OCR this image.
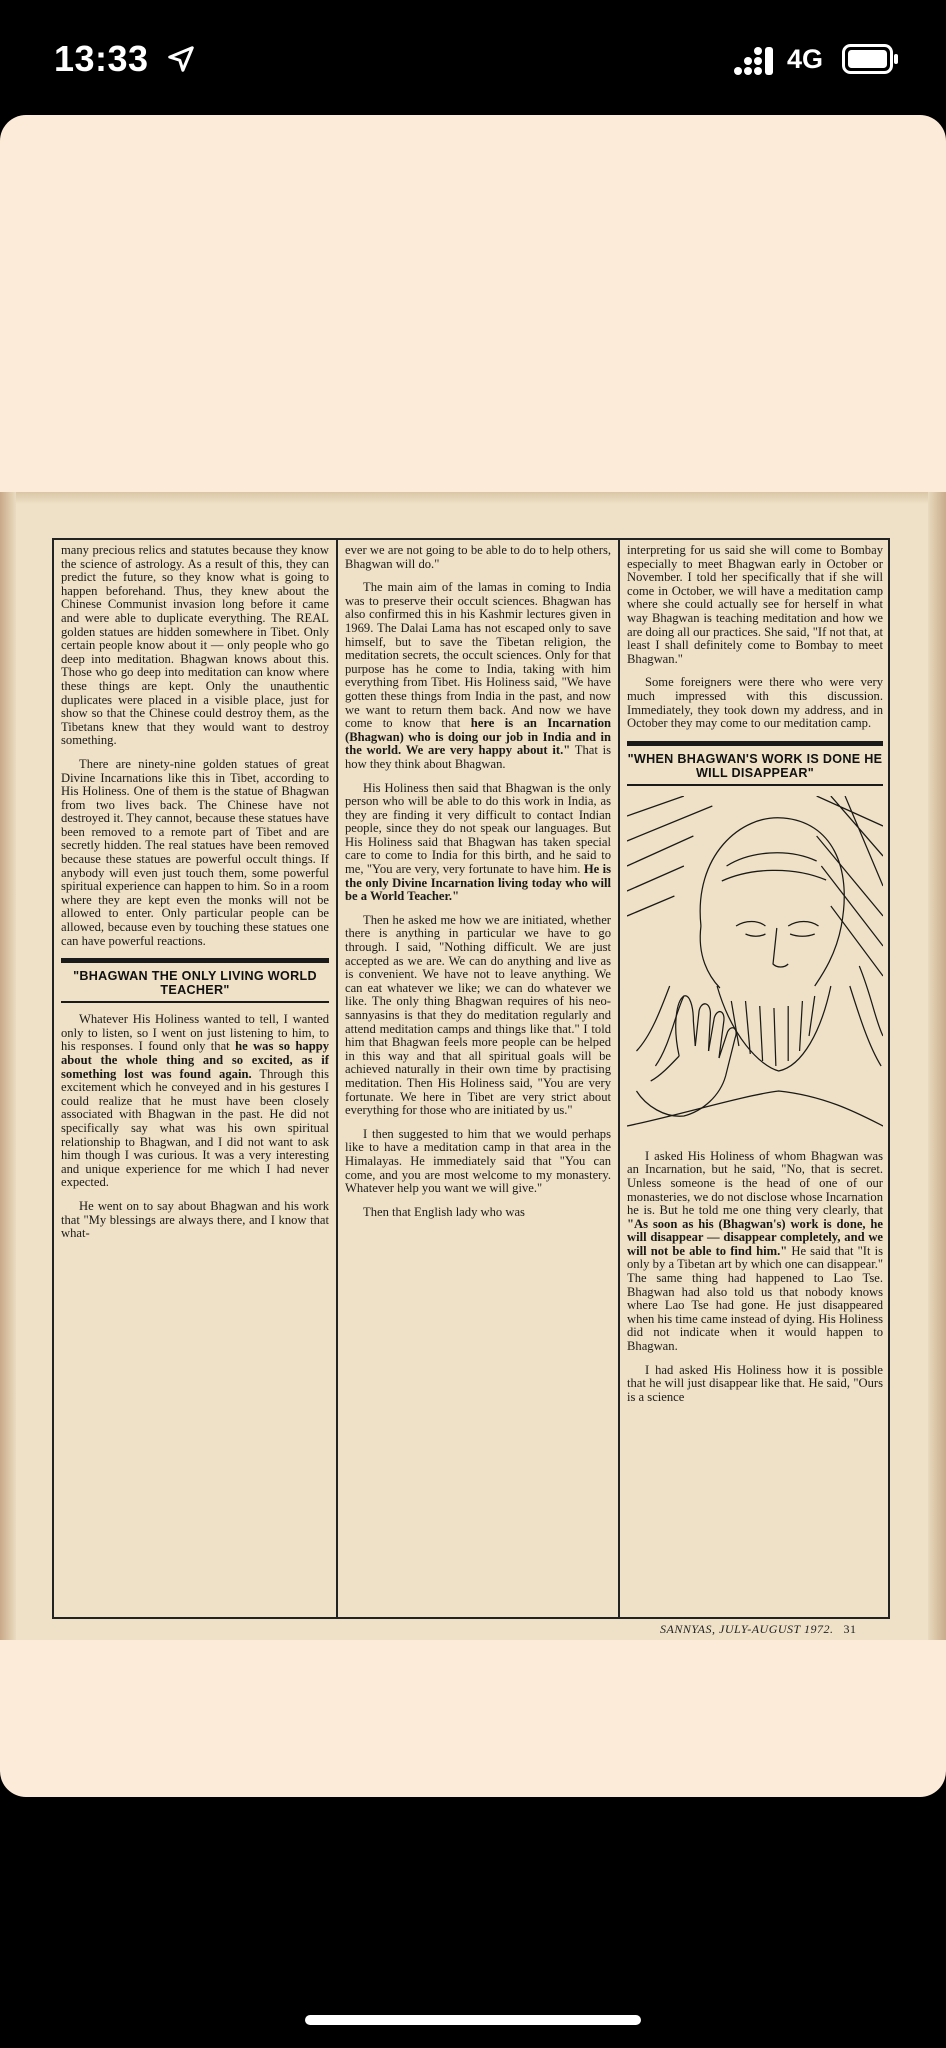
13:33	4G

many precious relics and statutes because they know the science of astrology. As a result of this, they can predict the future, so they know what is going to happen beforehand. Thus, they knew about the Chinese Communist invasion long before it came and were able to duplicate everything. The REAL golden statues are hidden somewhere in Tibet. Only certain people know about it — only people who go deep into meditation. Bhagwan knows about this. Those who go deep into meditation can know where these things are kept. Only the unauthentic duplicates were placed in a visible place, just for show so that the Chinese could destroy them, as the Tibetans knew that they would want to destroy something.

There are ninety-nine golden statues of great Divine Incarnations like this in Tibet, according to His Holiness. One of them is the statue of Bhagwan from two lives back. The Chinese have not destroyed it. They cannot, because these statues have been removed to a remote part of Tibet and are secretly hidden. The real statues have been removed because these statues are powerful occult things. If anybody will even just touch them, some powerful spiritual experience can happen to him. So in a room where they are kept even the monks will not be allowed to enter. Only particular people can be allowed, because even by touching these statues one can have powerful reactions.

"BHAGWAN THE ONLY LIVING WORLD TEACHER"

Whatever His Holiness wanted to tell, I wanted only to listen, so I went on just listening to him, to his responses. I found only that he was so happy about the whole thing and so excited, as if something lost was found again. Through this excitement which he conveyed and in his gestures I could realize that he must have been closely associated with Bhagwan in the past. He did not specifically say what was his own spiritual relationship to Bhagwan, and I did not want to ask him though I was curious. It was a very interesting and unique experience for me which I had never expected.

He went on to say about Bhagwan and his work that "My blessings are always there, and I know that what-

ever we are not going to be able to do to help others, Bhagwan will do."

The main aim of the lamas in coming to India was to preserve their occult sciences. Bhagwan has also confirmed this in his Kashmir lectures given in 1969. The Dalai Lama has not escaped only to save himself, but to save the Tibetan religion, the meditation secrets, the occult sciences. Only for that purpose has he come to India, taking with him everything from Tibet. His Holiness said, "We have gotten these things from India in the past, and now we want to return them back. And now we have come to know that here is an Incarnation (Bhagwan) who is doing our job in India and in the world. We are very happy about it." That is how they think about Bhagwan.

His Holiness then said that Bhagwan is the only person who will be able to do this work in India, as they are finding it very difficult to contact Indian people, since they do not speak our languages. But His Holiness said that Bhagwan has taken special care to come to India for this birth, and he said to me, "You are very, very fortunate to have him. He is the only Divine Incarnation living today who will be a World Teacher."

Then he asked me how we are initiated, whether there is anything in particular we have to go through. I said, "Nothing difficult. We are just accepted as we are. We can do anything and live as is convenient. We have not to leave anything. We can eat whatever we like; we can do whatever we like. The only thing Bhagwan requires of his neo-sannyasins is that they do meditation regularly and attend meditation camps and things like that." I told him that Bhagwan feels more people can be helped in this way and that all spiritual goals will be achieved naturally in their own time by practising meditation. Then His Holiness said, "You are very fortunate. We here in Tibet are very strict about everything for those who are initiated by us."

I then suggested to him that we would perhaps like to have a meditation camp in that area in the Himalayas. He immediately said that "You can come, and you are most welcome to my monastery. Whatever help you want we will give."

Then that English lady who was

interpreting for us said she will come to Bombay especially to meet Bhagwan early in October or November. I told her specifically that if she will come in October, we will have a meditation camp where she could actually see for herself in what way Bhagwan is teaching meditation and how we are doing all our practices. She said, "If not that, at least I shall definitely come to Bombay to meet Bhagwan."

Some foreigners were there who were very much impressed with this discussion. Immediately, they took down my address, and in October they may come to our meditation camp.

"WHEN BHAGWAN'S WORK IS DONE HE WILL DISAPPEAR"

I asked His Holiness of whom Bhagwan was an Incarnation, but he said, "No, that is secret. Unless someone is the head of one of our monasteries, we do not disclose whose Incarnation he is. But he told me one thing very clearly, that "As soon as his (Bhagwan's) work is done, he will disappear — disappear completely, and we will not be able to find him." He said that "It is only by a Tibetan art by which one can disappear." The same thing had happened to Lao Tse. Bhagwan had also told us that nobody knows where Lao Tse had gone. He just disappeared when his time came instead of dying. His Holiness did not indicate when it would happen to Bhagwan.

I had asked His Holiness how it is possible that he will just disappear like that. He said, "Ours is a science

SANNYAS, JULY-AUGUST 1972. 31
